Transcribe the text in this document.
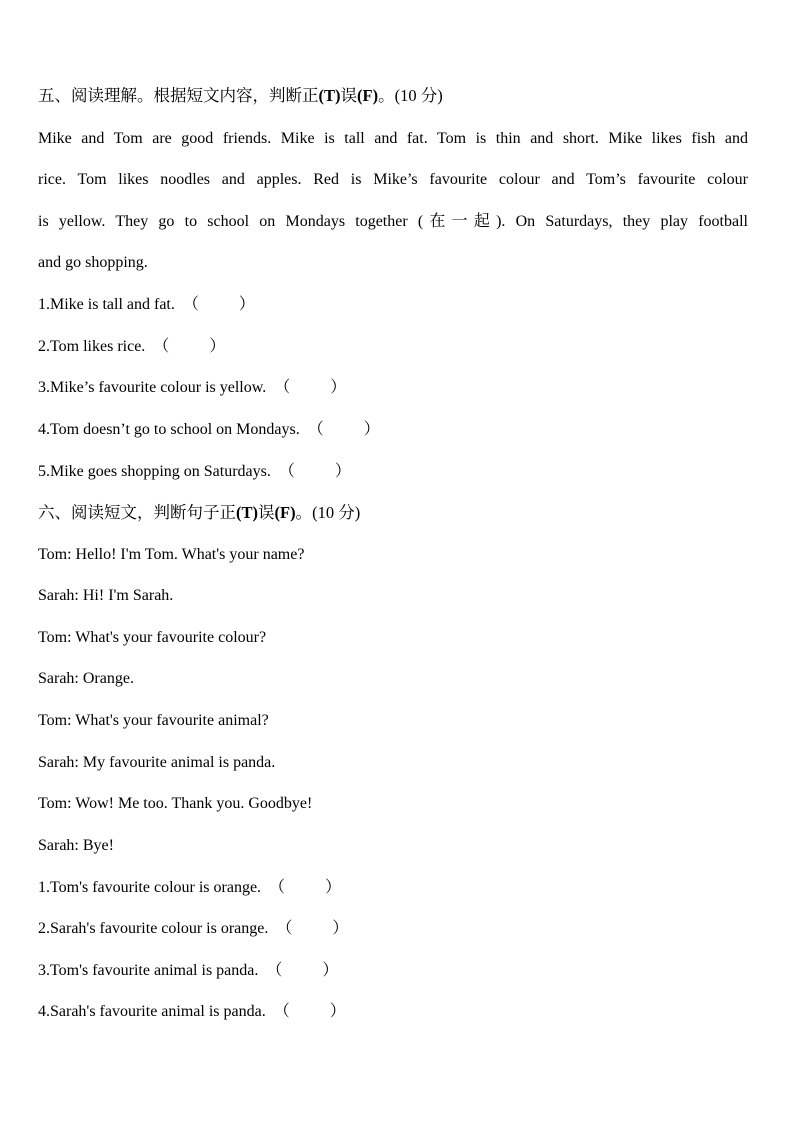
五、阅读理解。根据短文内容，判断正(T)误(F)。(10 分)
Mike and Tom are good friends. Mike is tall and fat. Tom is thin and short. Mike likes fish and
rice. Tom likes noodles and apples. Red is Mike’s favourite colour and Tom’s favourite colour
is yellow. They go to school on Mondays together (在一起). On Saturdays, they play football
and go shopping.
1.Mike is tall and fat. （	）
2.Tom likes rice. （	）
3.Mike’s favourite colour is yellow. （	）
4.Tom doesn’t go to school on Mondays. （	）
5.Mike goes shopping on Saturdays. （	）
六、阅读短文，判断句子正(T)误(F)。(10 分)
Tom: Hello! I'm Tom. What's your name?
Sarah: Hi! I'm Sarah.
Tom: What's your favourite colour?
Sarah: Orange.
Tom: What's your favourite animal?
Sarah: My favourite animal is panda.
Tom: Wow! Me too. Thank you. Goodbye!
Sarah: Bye!
1.Tom's favourite colour is orange. （	）
2.Sarah's favourite colour is orange. （	）
3.Tom's favourite animal is panda. （	）
4.Sarah's favourite animal is panda. （	）
